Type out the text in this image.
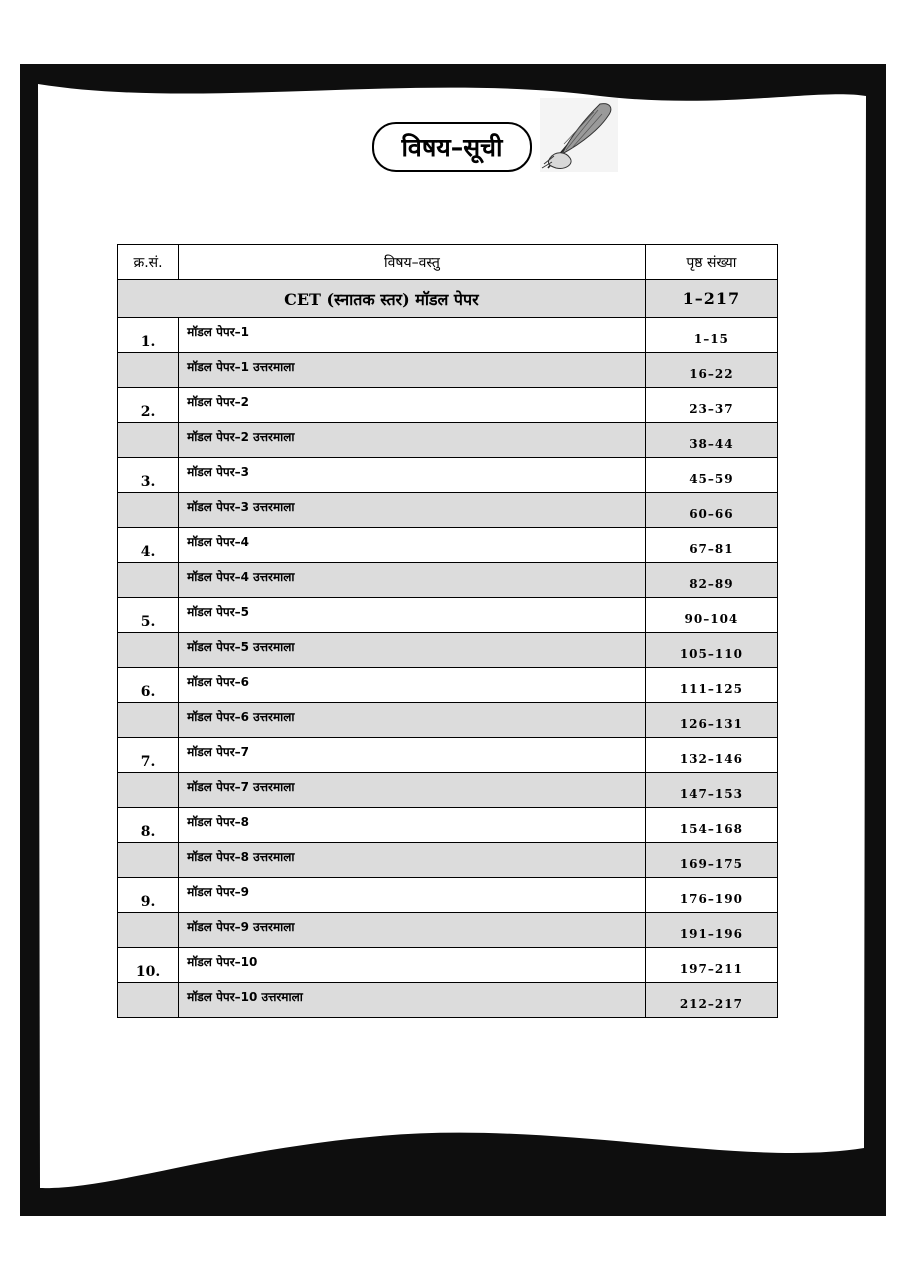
विषय–सूची
क्र.सं.	विषय–वस्तु	पृष्ठ संख्या
CET (स्नातक स्तर) मॉडल पेपर		1–217
1.	मॉडल पेपर–1	1–15
	मॉडल पेपर–1 उत्तरमाला	16–22
2.	मॉडल पेपर–2	23–37
	मॉडल पेपर–2 उत्तरमाला	38–44
3.	मॉडल पेपर–3	45–59
	मॉडल पेपर–3 उत्तरमाला	60–66
4.	मॉडल पेपर–4	67–81
	मॉडल पेपर–4 उत्तरमाला	82–89
5.	मॉडल पेपर–5	90–104
	मॉडल पेपर–5 उत्तरमाला	105–110
6.	मॉडल पेपर–6	111–125
	मॉडल पेपर–6 उत्तरमाला	126–131
7.	मॉडल पेपर–7	132–146
	मॉडल पेपर–7 उत्तरमाला	147–153
8.	मॉडल पेपर–8	154–168
	मॉडल पेपर–8 उत्तरमाला	169–175
9.	मॉडल पेपर–9	176–190
	मॉडल पेपर–9 उत्तरमाला	191–196
10.	मॉडल पेपर–10	197–211
	मॉडल पेपर–10 उत्तरमाला	212–217
